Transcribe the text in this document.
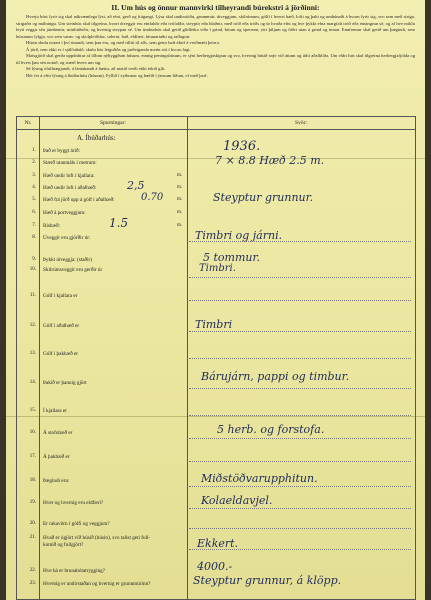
II. Um hús og önnur mannvirki tilheyrandi búrekstri á jörðinni:

Hverju húsi fyrir sig skal nákvæmlega lýst, að efni, gerð og frágangi. Lýsa skal undirstöðu, grunnmúr, útveggjum, skilrúmum, gólfi í hverri hæð, lofti og þaki og umbúnaði á hvorn fyrir sig, svo sem með striga, strigaðri og málningu. Um steinhús skal tilgreina, hvort útveggir eru einfaldir eða tvöfaldir, steyptir eða hlaðnir, með tróð eða tróðs og úr hvaða efni og hve þykkt efna margfalt tróð eða einangrun sé, og af hve miklu leyti veggir séu járnbentir, múrhúðaðir, og hvernig steypan sé. Um timburhús skal getið gildleika viða í grind, bitum og sperrum, ytri þiljum og fóðri utan á grind og innan. Ennfremur skal getið um þægindi, sem húsunum fylgja, svo sem vatns- og skolpleiðslur, salerni, bað, eldfæri, hitunartæki og raflagnir.

Húsin skulu notast í því ástandi, sem þau eru, og með tilliti til alls, sem getur haft áhrif á verðmæti þeirra.

Á jörð, sem ekki er í sjálfsábúð, skulu hús leiguliða og jarðeiganda metin sitt í hvoru lagi.

Matsgjörð skal gerða uppdráttur af öllum nýbyggðum húsum, einnig peningshúsum, er sýni herbergjaskipun og svo, hvernig húsið snýr við áttum og útlit aðalhliða. Um eldri hús skal tilgreina herbergjafjölda og til hvers þau séu notuð, og stærð hvers um sig.

Sé lýsing ófullnægjandi, á lántakandi á hættu, að matið verði ekki tekið gilt.

Hér fer á eftir lýsing á íbúðarhúsi (húsum). Fyllið í eyðurnar og hæfið í ýmsum liðum, ef með þarf.

Nr.	Spurningar:	Svör:
A. Íbúðarhús:
1.	Það er byggt árið:	1936.
2.	Stærð utanmáls í metrum:	7 × 8.8 Hæð 2.5 m.
3.	Hæð undir loft í kjallara:	m.
4.	Hæð undir loft í aðalhæð:	2,5	m.
5.	Hæð frá jörð upp á gólf í aðalhæð:	0.70	m.	Steyptur grunnur.
6.	Hæð á portveggjum:	m.
7.	Risbæð:	1.5	m.
8.	Úveggir eru gjörðir úr:	Timbri og járni.
9.	Þykkt útveggja: (staðir)	5 tommur.
10.	Skilrúmsveggir eru gerðir úr	Timbri.
11.	Gólf í kjallara er
12.	Gólf í aðalhæð er	Timbri
13.	Gólf í þakhæð er
14.	Þakið er þannig gjört	Bárujárn, pappi og timbur.
15.	Í kjallara er
16.	Á stofuhæð er	5 herb. og forstofa.
17.	Á þakhæð er
18.	Þægindi eru:	Miðstöðvarupphitun.
19.	Hver og hvernig eru eldfæri?	Kolaeldavjel.
20.	Er rakavörn í gólfi og veggjum?
21.	Hvað er ógjört við húsið (húsin), svo talist geti full-
komið og fullgjört?	Ekkert.
22.	Hve há er brunabótatrygging?	4000.-
23.	Hvernig er undirstaðan og hvernig er grunnmúrinn?	Steyptur grunnur, á klöpp.
